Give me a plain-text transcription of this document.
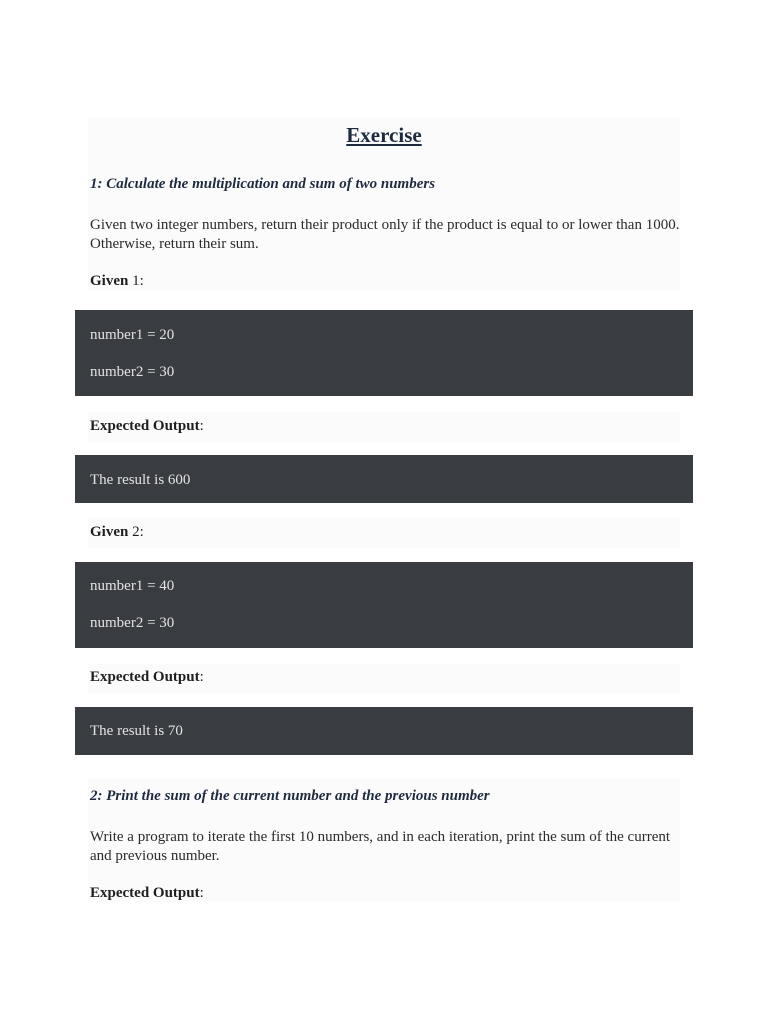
Exercise
1: Calculate the multiplication and sum of two numbers
Given two integer numbers, return their product only if the product is equal to or lower than 1000. Otherwise, return their sum.
Given 1:
number1 = 20
number2 = 30
Expected Output:
The result is 600
Given 2:
number1 = 40
number2 = 30
Expected Output:
The result is 70
2: Print the sum of the current number and the previous number
Write a program to iterate the first 10 numbers, and in each iteration, print the sum of the current and previous number.
Expected Output:
